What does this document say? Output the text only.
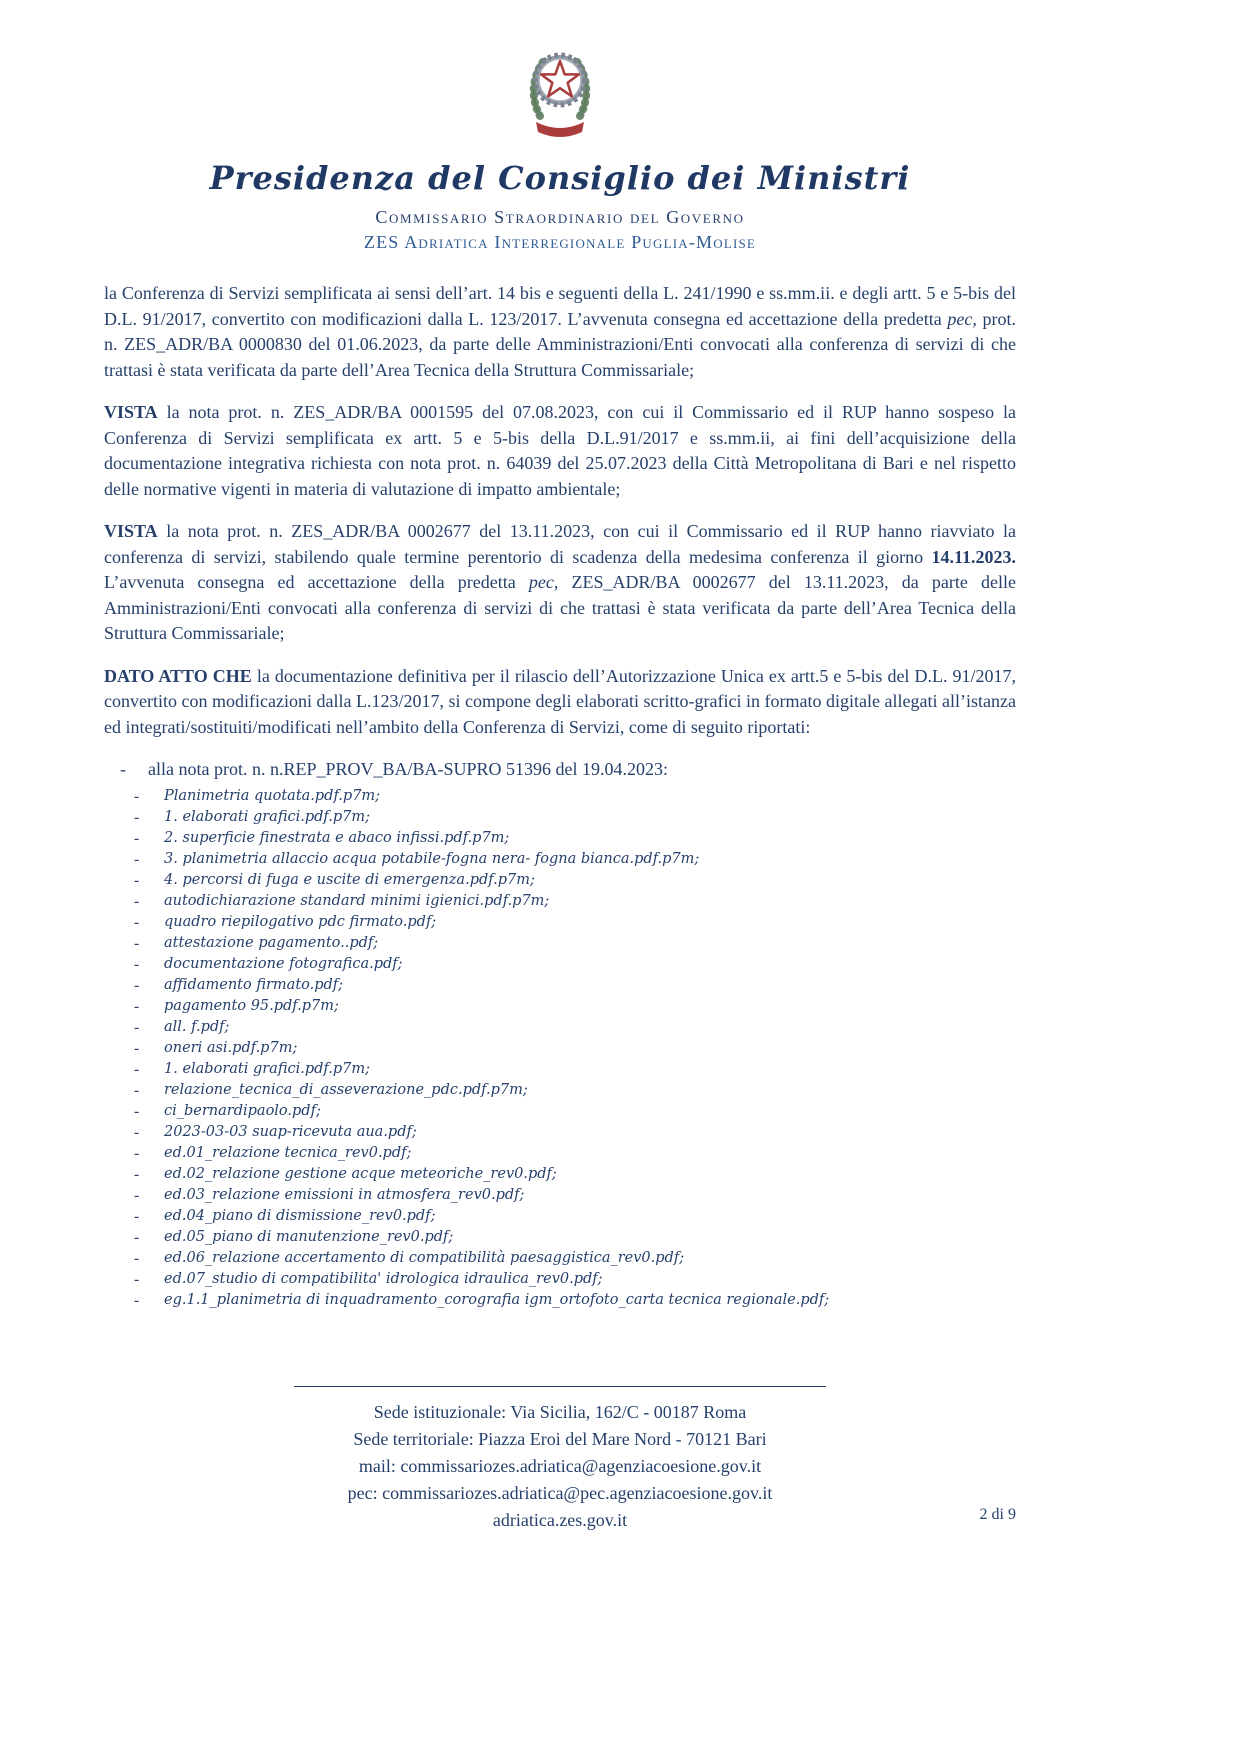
Presidenza del Consiglio dei Ministri
Commissario Straordinario del Governo
ZES Adriatica Interregionale Puglia-Molise

la Conferenza di Servizi semplificata ai sensi dell’art. 14 bis e seguenti della L. 241/1990 e ss.mm.ii. e degli artt. 5 e 5-bis del D.L. 91/2017, convertito con modificazioni dalla L. 123/2017. L’avvenuta consegna ed accettazione della predetta pec, prot. n. ZES_ADR/BA 0000830 del 01.06.2023, da parte delle Amministrazioni/Enti convocati alla conferenza di servizi di che trattasi è stata verificata da parte dell’Area Tecnica della Struttura Commissariale;

VISTA la nota prot. n. ZES_ADR/BA 0001595 del 07.08.2023, con cui il Commissario ed il RUP hanno sospeso la Conferenza di Servizi semplificata ex artt. 5 e 5-bis della D.L.91/2017 e ss.mm.ii, ai fini dell’acquisizione della documentazione integrativa richiesta con nota prot. n. 64039 del 25.07.2023 della Città Metropolitana di Bari e nel rispetto delle normative vigenti in materia di valutazione di impatto ambientale;

VISTA la nota prot. n. ZES_ADR/BA 0002677 del 13.11.2023, con cui il Commissario ed il RUP hanno riavviato la conferenza di servizi, stabilendo quale termine perentorio di scadenza della medesima conferenza il giorno 14.11.2023. L’avvenuta consegna ed accettazione della predetta pec, ZES_ADR/BA 0002677 del 13.11.2023, da parte delle Amministrazioni/Enti convocati alla conferenza di servizi di che trattasi è stata verificata da parte dell’Area Tecnica della Struttura Commissariale;

DATO ATTO CHE la documentazione definitiva per il rilascio dell’Autorizzazione Unica ex artt.5 e 5-bis del D.L. 91/2017, convertito con modificazioni dalla L.123/2017, si compone degli elaborati scritto-grafici in formato digitale allegati all’istanza ed integrati/sostituiti/modificati nell’ambito della Conferenza di Servizi, come di seguito riportati:

-	alla nota prot. n. n.REP_PROV_BA/BA-SUPRO 51396 del 19.04.2023:
-	Planimetria quotata.pdf.p7m;
-	1. elaborati grafici.pdf.p7m;
-	2. superficie finestrata e abaco infissi.pdf.p7m;
-	3. planimetria allaccio acqua potabile-fogna nera- fogna bianca.pdf.p7m;
-	4. percorsi di fuga e uscite di emergenza.pdf.p7m;
-	autodichiarazione standard minimi igienici.pdf.p7m;
-	quadro riepilogativo pdc firmato.pdf;
-	attestazione pagamento..pdf;
-	documentazione fotografica.pdf;
-	affidamento firmato.pdf;
-	pagamento 95.pdf.p7m;
-	all. f.pdf;
-	oneri asi.pdf.p7m;
-	1. elaborati grafici.pdf.p7m;
-	relazione_tecnica_di_asseverazione_pdc.pdf.p7m;
-	ci_bernardipaolo.pdf;
-	2023-03-03 suap-ricevuta aua.pdf;
-	ed.01_relazione tecnica_rev0.pdf;
-	ed.02_relazione gestione acque meteoriche_rev0.pdf;
-	ed.03_relazione emissioni in atmosfera_rev0.pdf;
-	ed.04_piano di dismissione_rev0.pdf;
-	ed.05_piano di manutenzione_rev0.pdf;
-	ed.06_relazione accertamento di compatibilità paesaggistica_rev0.pdf;
-	ed.07_studio di compatibilita' idrologica idraulica_rev0.pdf;
-	eg.1.1_planimetria di inquadramento_corografia igm_ortofoto_carta tecnica regionale.pdf;
Sede istituzionale: Via Sicilia, 162/C - 00187 Roma
Sede territoriale: Piazza Eroi del Mare Nord - 70121 Bari
mail: commissariozes.adriatica@agenziacoesione.gov.it
pec: commissariozes.adriatica@pec.agenziacoesione.gov.it
adriatica.zes.gov.it	2 di 9
